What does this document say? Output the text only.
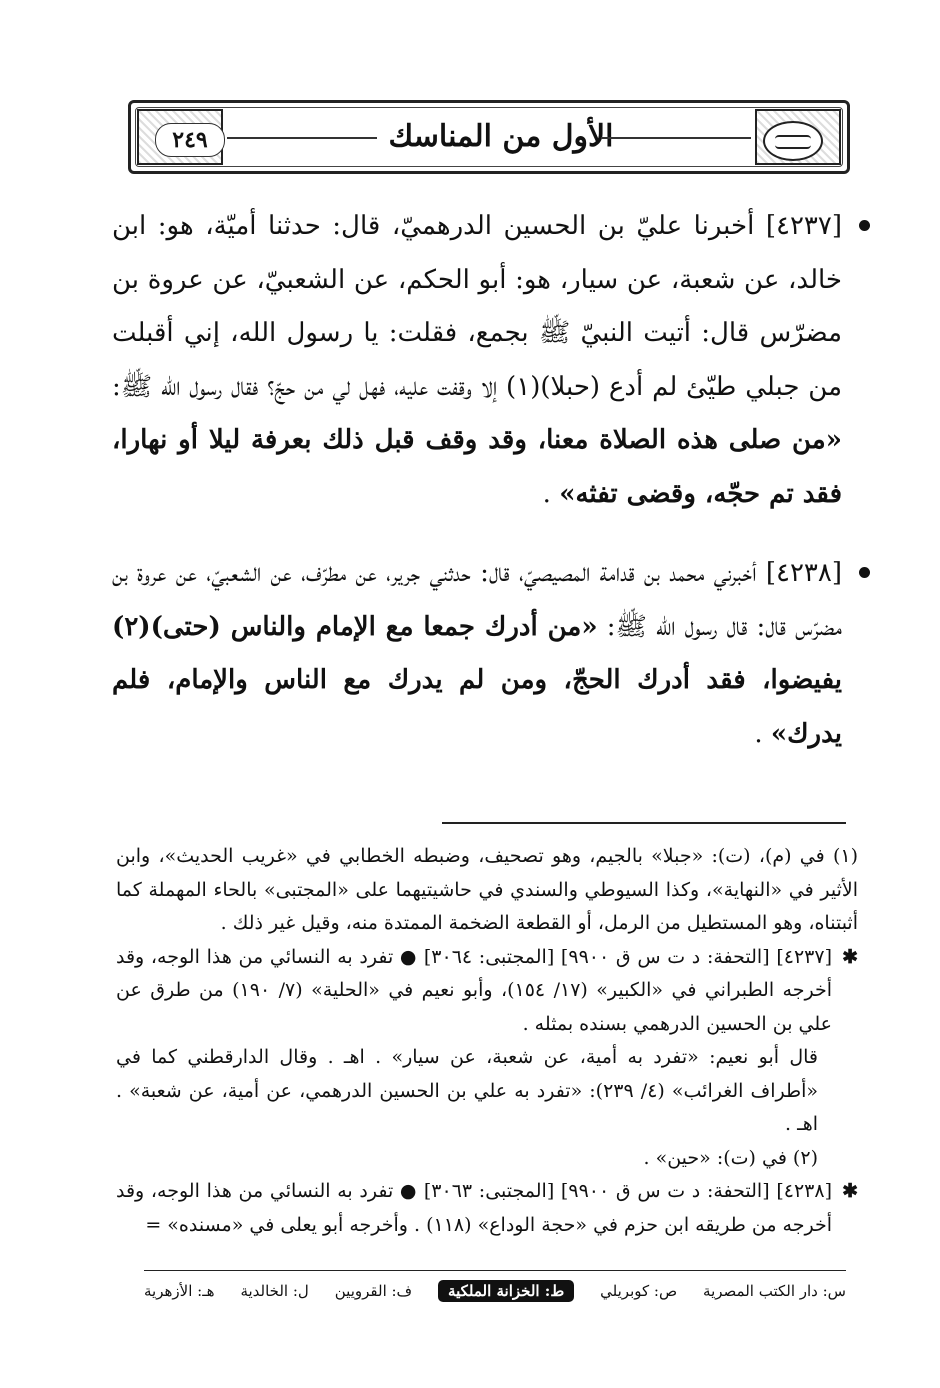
٢٤٩	الأول من المناسك
[٤٢٣٧] أخبرنا عليّ بن الحسين الدرهميّ، قال: حدثنا أميّة، هو: ابن خالد، عن شعبة، عن سيار، هو: أبو الحكم، عن الشعبيّ، عن عروة بن مضرّس قال: أتيت النبيّ ﷺ بجمع، فقلت: يا رسول الله، إني أقبلت من جبلي طيّئ لم أدع (حبلا)(١) إلا وقفت عليه، فهل لي من حجّ؟ فقال رسول الله ﷺ: «من صلى هذه الصلاة معنا، وقد وقف قبل ذلك بعرفة ليلا أو نهارا، فقد تم حجّه، وقضى تفثه» .
[٤٢٣٨] أخبرني محمد بن قدامة المصيصيّ، قال: حدثني جرير، عن مطرّف، عن الشعبيّ، عن عروة بن مضرّس قال: قال رسول الله ﷺ: «من أدرك جمعا مع الإمام والناس (حتى)(٢) يفيضوا، فقد أدرك الحجّ، ومن لم يدرك مع الناس والإمام، فلم يدرك» .
(١) في (م)، (ت): «جبلا» بالجيم، وهو تصحيف، وضبطه الخطابي في «غريب الحديث»، وابن الأثير في «النهاية»، وكذا السيوطي والسندي في حاشيتيهما على «المجتبى» بالحاء المهملة كما أثبتناه، وهو المستطيل من الرمل، أو القطعة الضخمة الممتدة منه، وقيل غير ذلك .
✱
[٤٢٣٧] [التحفة: د ت س ق ٩٩٠٠] [المجتبى: ٣٠٦٤] ● تفرد به النسائي من هذا الوجه، وقد أخرجه الطبراني في «الكبير» (١٧/ ١٥٤)، وأبو نعيم في «الحلية» (٧/ ١٩٠) من طرق عن علي بن الحسين الدرهمي بسنده بمثله .
قال أبو نعيم: «تفرد به أمية، عن شعبة، عن سيار» . اهـ . وقال الدارقطني كما في «أطراف الغرائب» (٤/ ٢٣٩): «تفرد به علي بن الحسين الدرهمي، عن أمية، عن شعبة» . اهـ .
(٢) في (ت): «حين» .
✱
[٤٢٣٨] [التحفة: د ت س ق ٩٩٠٠] [المجتبى: ٣٠٦٣] ● تفرد به النسائي من هذا الوجه، وقد أخرجه من طريقه ابن حزم في «حجة الوداع» (١١٨) . وأخرجه أبو يعلى في «مسنده» =
س: دار الكتب المصرية
ص: كوبريلي
ط: الخزانة الملكية
ف: القرويين
ل: الخالدية
هـ: الأزهرية
